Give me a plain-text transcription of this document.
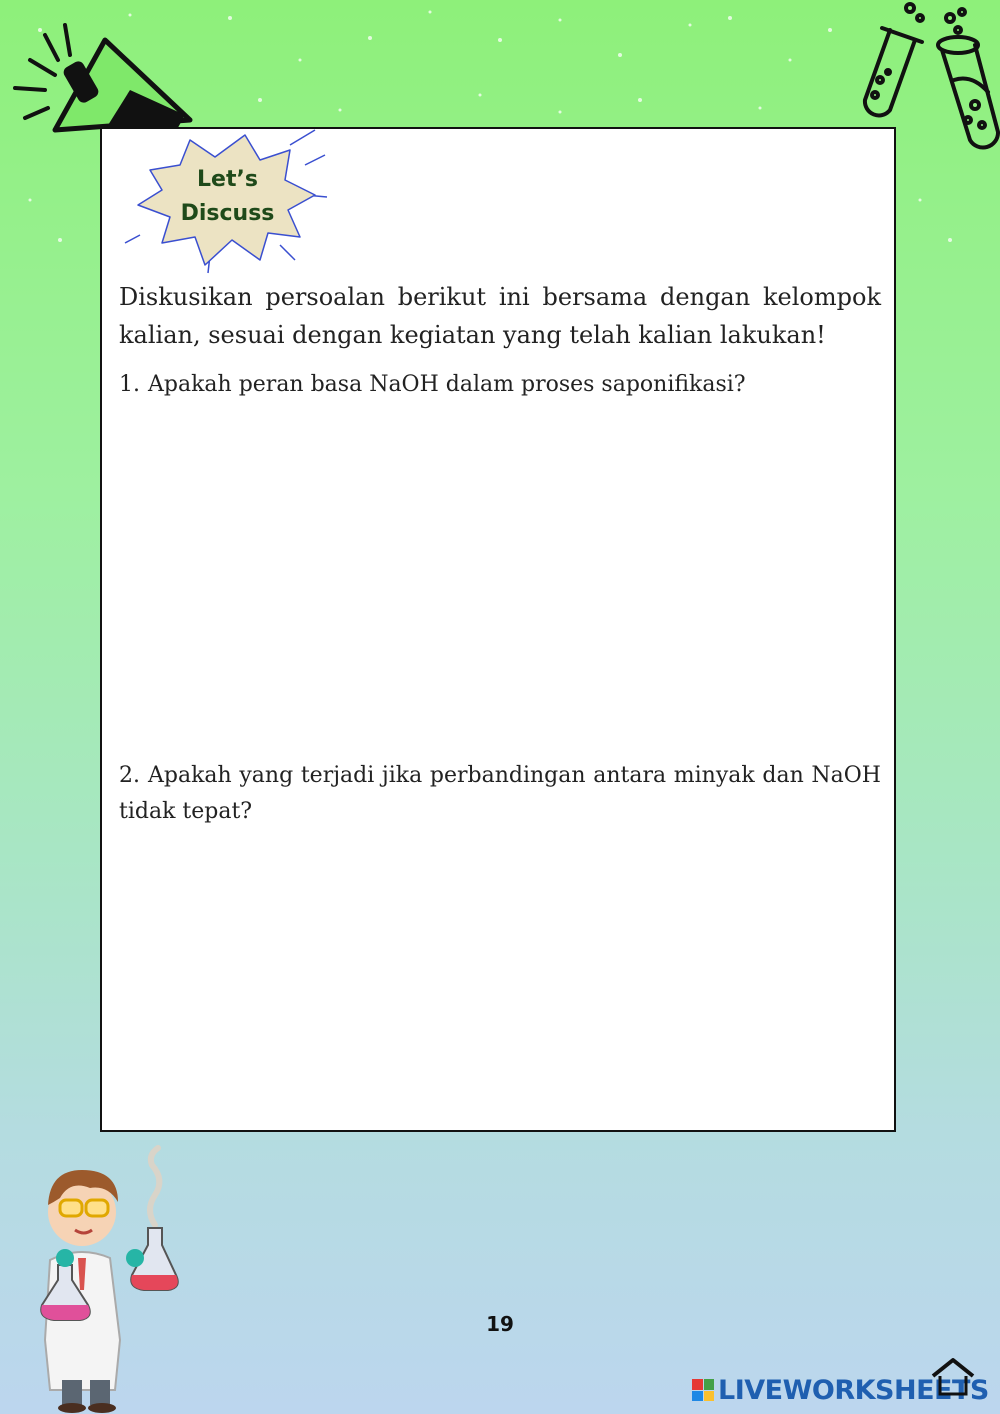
Let’s
Discuss
Diskusikan persoalan berikut ini bersama dengan kelompok kalian, sesuai dengan kegiatan yang telah kalian lakukan!
1. Apakah peran basa NaOH dalam proses saponifikasi?
2. Apakah yang terjadi jika perbandingan antara minyak dan NaOH tidak tepat?
19
LIVEWORKSHEETS
